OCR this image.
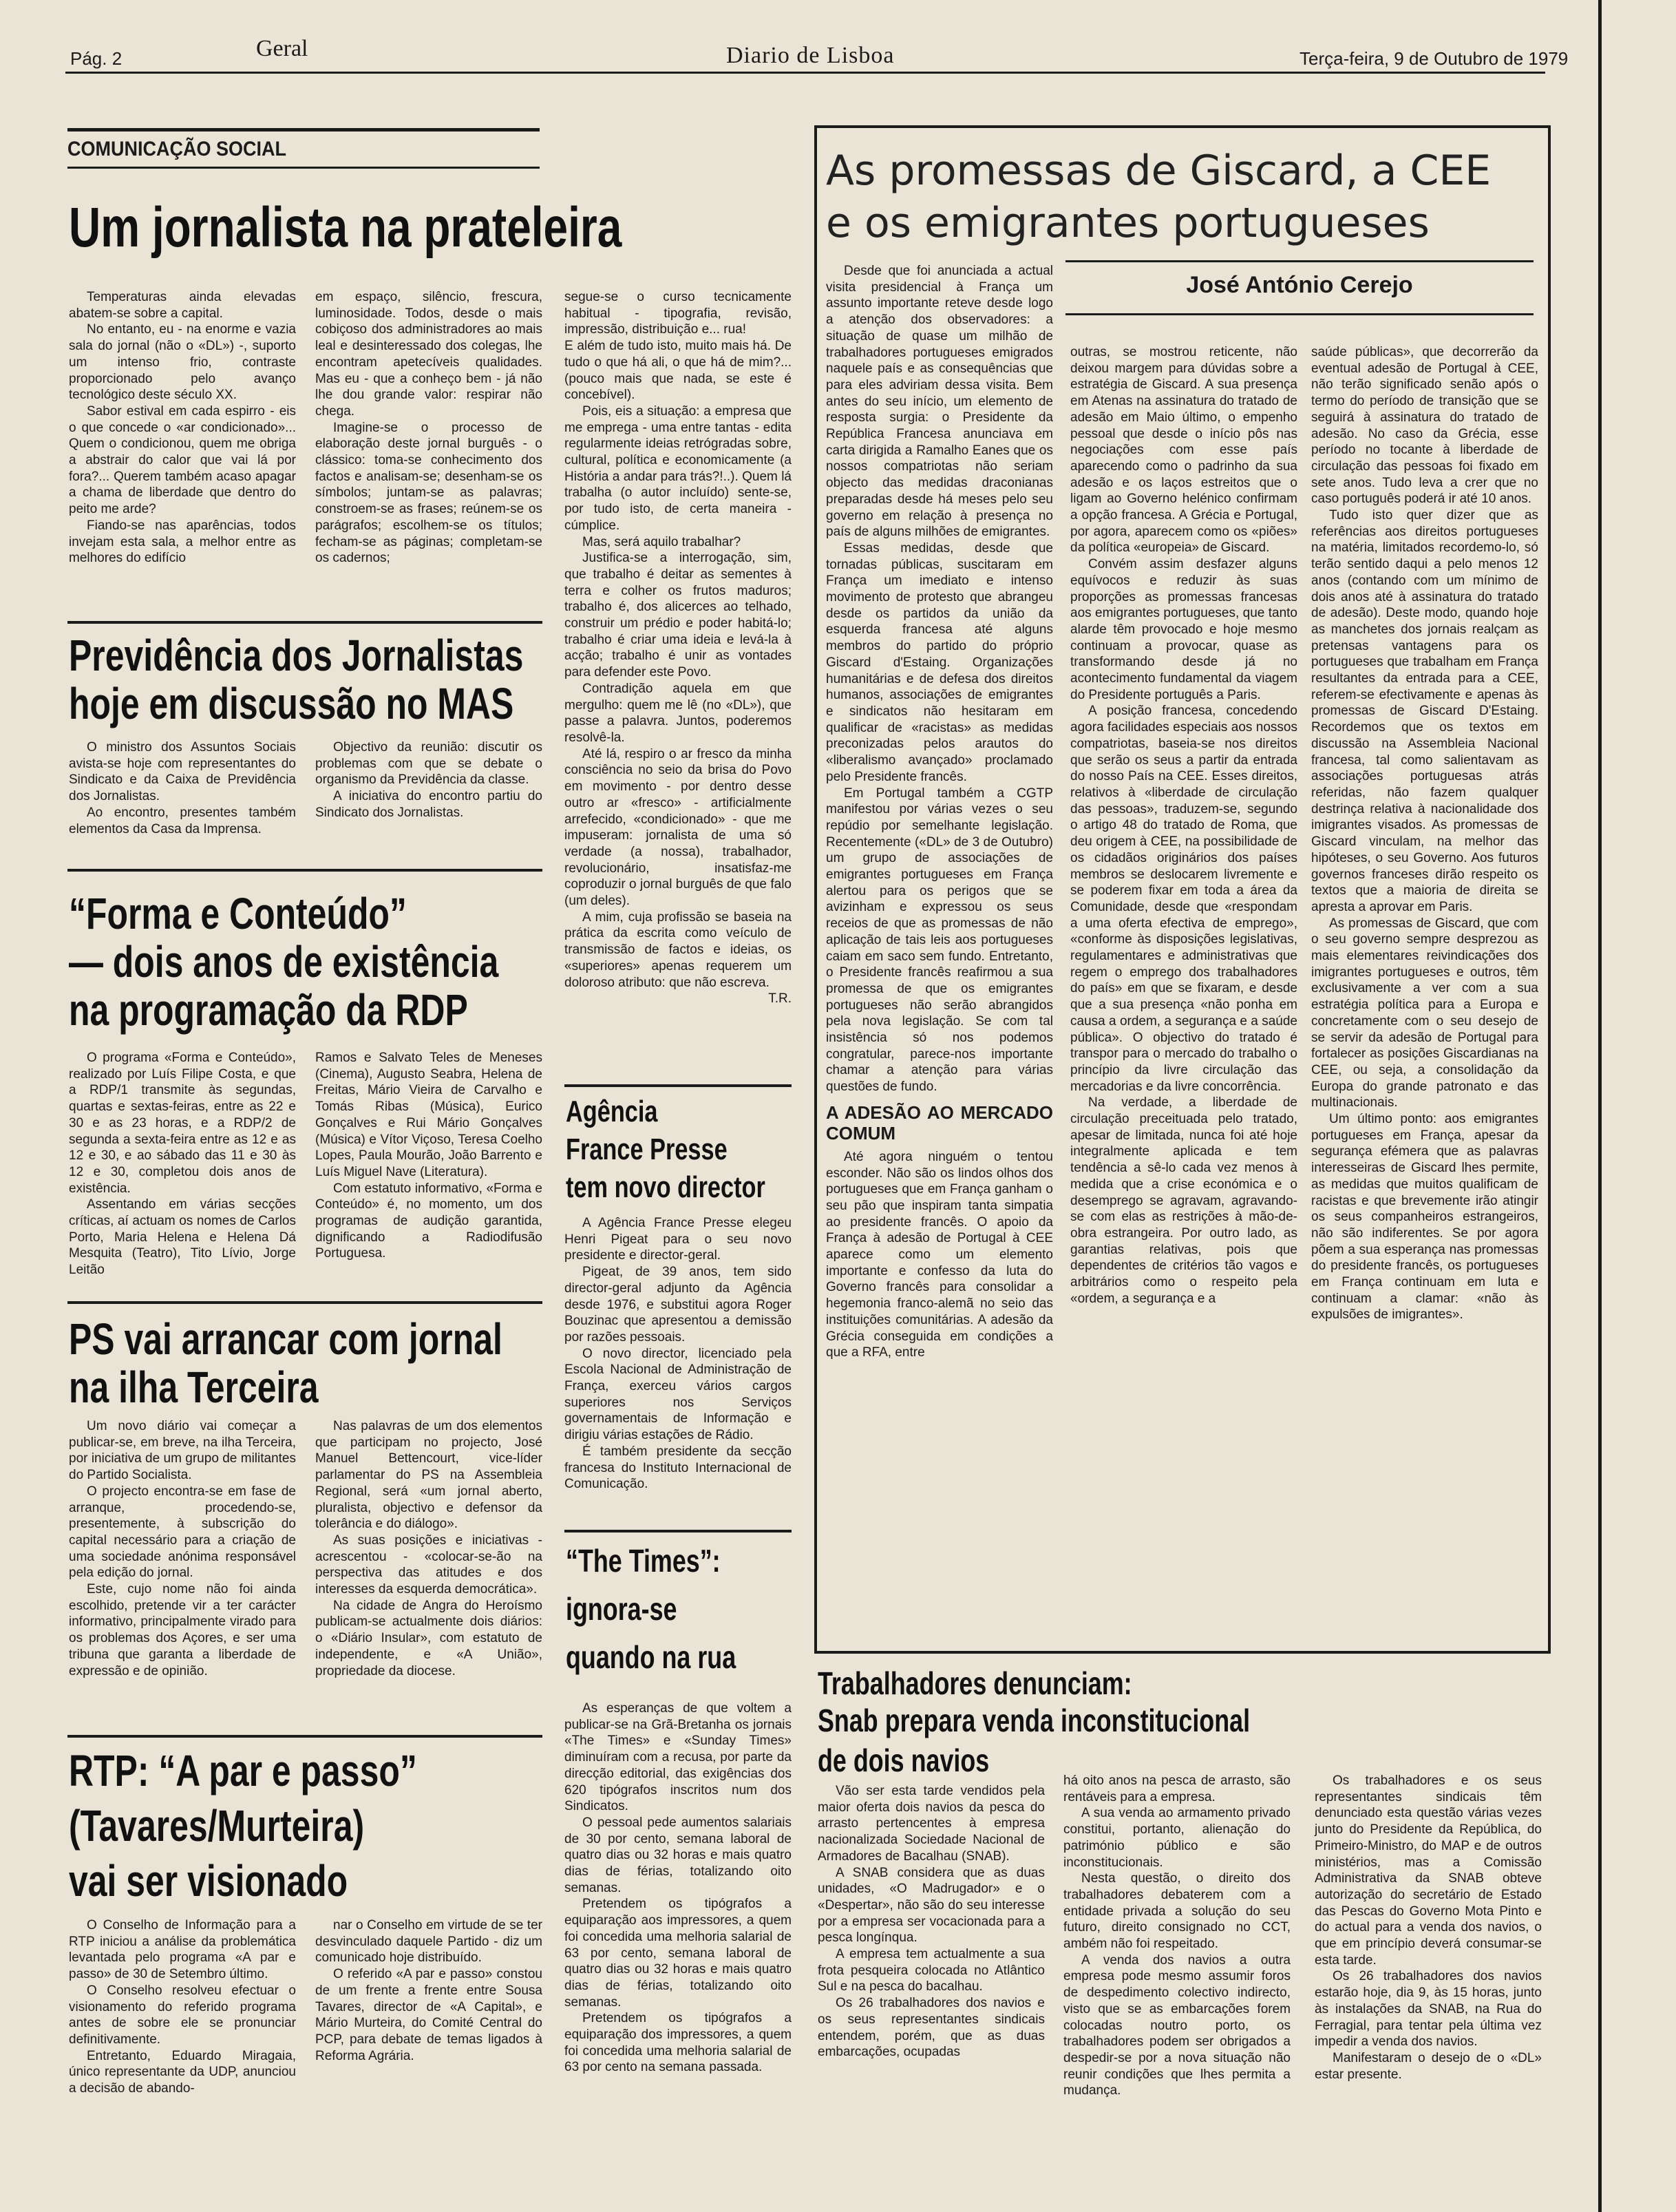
Pág. 2	Geral	Diario de Lisboa	Terça-feira, 9 de Outubro de 1979
COMUNICAÇÃO SOCIAL
Um jornalista na prateleira

Temperaturas ainda elevadas abatem-se sobre a capital.

No entanto, eu - na enorme e vazia sala do jornal (não o «DL») -, suporto um intenso frio, contraste proporcionado pelo avanço tecnológico deste século XX.

Sabor estival em cada espirro - eis o que concede o «ar condicionado»... Quem o condicionou, quem me obriga a abstrair do calor que vai lá por fora?... Querem também acaso apagar a chama de liberdade que dentro do peito me arde?

Fiando-se nas aparências, todos invejam esta sala, a melhor entre as melhores do edifício

em espaço, silêncio, frescura, luminosidade. Todos, desde o mais cobiçoso dos administradores ao mais leal e desinteressado dos colegas, lhe encontram apetecíveis qualidades. Mas eu - que a conheço bem - já não lhe dou grande valor: respirar não chega.

Imagine-se o processo de elaboração deste jornal burguês - o clássico: toma-se conhecimento dos factos e analisam-se; desenham-se os símbolos; juntam-se as palavras; constroem-se as frases; reúnem-se os parágrafos; escolhem-se os títulos; fecham-se as páginas; completam-se os cadernos;

segue-se o curso tecnicamente habitual - tipografia, revisão, impressão, distribuição e... rua!

E além de tudo isto, muito mais há. De tudo o que há ali, o que há de mim?... (pouco mais que nada, se este é concebível).

Pois, eis a situação: a empresa que me emprega - uma entre tantas - edita regularmente ideias retrógradas sobre, cultural, política e economicamente (a História a andar para trás?!..). Quem lá trabalha (o autor incluído) sente-se, por tudo isto, de certa maneira - cúmplice.

Mas, será aquilo trabalhar?

Justifica-se a interrogação, sim, que trabalho é deitar as sementes à terra e colher os frutos maduros; trabalho é, dos alicerces ao telhado, construir um prédio e poder habitá-lo; trabalho é criar uma ideia e levá-la à acção; trabalho é unir as vontades para defender este Povo.

Contradição aquela em que mergulho: quem me lê (no «DL»), que passe a palavra. Juntos, poderemos resolvê-la.

Até lá, respiro o ar fresco da minha consciência no seio da brisa do Povo em movimento - por dentro desse outro ar «fresco» - artificialmente arrefecido, «condicionado» - que me impuseram: jornalista de uma só verdade (a nossa), trabalhador, revolucionário, insatisfaz-me coproduzir o jornal burguês de que falo (um deles).

A mim, cuja profissão se baseia na prática da escrita como veículo de transmissão de factos e ideias, os «superiores» apenas requerem um doloroso atributo: que não escreva.

T.R.

Previdência dos Jornalistas
hoje em discussão no MAS

O ministro dos Assuntos Sociais avista-se hoje com representantes do Sindicato e da Caixa de Previdência dos Jornalistas.

Ao encontro, presentes também elementos da Casa da Imprensa.

Objectivo da reunião: discutir os problemas com que se debate o organismo da Previdência da classe.

A iniciativa do encontro partiu do Sindicato dos Jornalistas.

“Forma e Conteúdo”
— dois anos de existência
na programação da RDP

O programa «Forma e Conteúdo», realizado por Luís Filipe Costa, e que a RDP/1 transmite às segundas, quartas e sextas-feiras, entre as 22 e 30 e as 23 horas, e a RDP/2 de segunda a sexta-feira entre as 12 e as 12 e 30, e ao sábado das 11 e 30 às 12 e 30, completou dois anos de existência.

Assentando em várias secções críticas, aí actuam os nomes de Carlos Porto, Maria Helena e Helena Dá Mesquita (Teatro), Tito Lívio, Jorge Leitão

Ramos e Salvato Teles de Meneses (Cinema), Augusto Seabra, Helena de Freitas, Mário Vieira de Carvalho e Tomás Ribas (Música), Eurico Gonçalves e Rui Mário Gonçalves (Música) e Vítor Viçoso, Teresa Coelho Lopes, Paula Mourão, João Barrento e Luís Miguel Nave (Literatura).

Com estatuto informativo, «Forma e Conteúdo» é, no momento, um dos programas de audição garantida, dignificando a Radiodifusão Portuguesa.

PS vai arrancar com jornal
na ilha Terceira

Um novo diário vai começar a publicar-se, em breve, na ilha Terceira, por iniciativa de um grupo de militantes do Partido Socialista.

O projecto encontra-se em fase de arranque, procedendo-se, presentemente, à subscrição do capital necessário para a criação de uma sociedade anónima responsável pela edição do jornal.

Este, cujo nome não foi ainda escolhido, pretende vir a ter carácter informativo, principalmente virado para os problemas dos Açores, e ser uma tribuna que garanta a liberdade de expressão e de opinião.

Nas palavras de um dos elementos que participam no projecto, José Manuel Bettencourt, vice-líder parlamentar do PS na Assembleia Regional, será «um jornal aberto, pluralista, objectivo e defensor da tolerância e do diálogo».

As suas posições e iniciativas - acrescentou - «colocar-se-ão na perspectiva das atitudes e dos interesses da esquerda democrática».

Na cidade de Angra do Heroísmo publicam-se actualmente dois diários: o «Diário Insular», com estatuto de independente, e «A União», propriedade da diocese.

RTP: “A par e passo”
(Tavares/Murteira)
vai ser visionado

O Conselho de Informação para a RTP iniciou a análise da problemática levantada pelo programa «A par e passo» de 30 de Setembro último.

O Conselho resolveu efectuar o visionamento do referido programa antes de sobre ele se pronunciar definitivamente.

Entretanto, Eduardo Miragaia, único representante da UDP, anunciou a decisão de abando-

nar o Conselho em virtude de se ter desvinculado daquele Partido - diz um comunicado hoje distribuído.

O referido «A par e passo» constou de um frente a frente entre Sousa Tavares, director de «A Capital», e Mário Murteira, do Comité Central do PCP, para debate de temas ligados à Reforma Agrária.

Agência
France Presse
tem novo director

A Agência France Presse elegeu Henri Pigeat para o seu novo presidente e director-geral.

Pigeat, de 39 anos, tem sido director-geral adjunto da Agência desde 1976, e substitui agora Roger Bouzinac que apresentou a demissão por razões pessoais.

O novo director, licenciado pela Escola Nacional de Administração de França, exerceu vários cargos superiores nos Serviços governamentais de Informação e dirigiu várias estações de Rádio.

É também presidente da secção francesa do Instituto Internacional de Comunicação.

“The Times”:
ignora-se
quando na rua

As esperanças de que voltem a publicar-se na Grã-Bretanha os jornais «The Times» e «Sunday Times» diminuíram com a recusa, por parte da direcção editorial, das exigências dos 620 tipógrafos inscritos num dos Sindicatos.

O pessoal pede aumentos salariais de 30 por cento, semana laboral de quatro dias ou 32 horas e mais quatro dias de férias, totalizando oito semanas.

Pretendem os tipógrafos a equiparação aos impressores, a quem foi concedida uma melhoria salarial de 63 por cento, semana laboral de quatro dias ou 32 horas e mais quatro dias de férias, totalizando oito semanas.

Pretendem os tipógrafos a equiparação dos impressores, a quem foi concedida uma melhoria salarial de 63 por cento na semana passada.

As promessas de Giscard, a CEE
e os emigrantes portugueses
José António Cerejo

Desde que foi anunciada a actual visita presidencial à França um assunto importante reteve desde logo a atenção dos observadores: a situação de quase um milhão de trabalhadores portugueses emigrados naquele país e as consequências que para eles adviriam dessa visita. Bem antes do seu início, um elemento de resposta surgia: o Presidente da República Francesa anunciava em carta dirigida a Ramalho Eanes que os nossos compatriotas não seriam objecto das medidas draconianas preparadas desde há meses pelo seu governo em relação à presença no país de alguns milhões de emigrantes.

Essas medidas, desde que tornadas públicas, suscitaram em França um imediato e intenso movimento de protesto que abrangeu desde os partidos da união da esquerda francesa até alguns membros do partido do próprio Giscard d'Estaing. Organizações humanitárias e de defesa dos direitos humanos, associações de emigrantes e sindicatos não hesitaram em qualificar de «racistas» as medidas preconizadas pelos arautos do «liberalismo avançado» proclamado pelo Presidente francês.

Em Portugal também a CGTP manifestou por várias vezes o seu repúdio por semelhante legislação. Recentemente («DL» de 3 de Outubro) um grupo de associações de emigrantes portugueses em França alertou para os perigos que se avizinham e expressou os seus receios de que as promessas de não aplicação de tais leis aos portugueses caiam em saco sem fundo. Entretanto, o Presidente francês reafirmou a sua promessa de que os emigrantes portugueses não serão abrangidos pela nova legislação. Se com tal insistência só nos podemos congratular, parece-nos importante chamar a atenção para várias questões de fundo.

A ADESÃO AO MERCADO COMUM

Até agora ninguém o tentou esconder. Não são os lindos olhos dos portugueses que em França ganham o seu pão que inspiram tanta simpatia ao presidente francês. O apoio da França à adesão de Portugal à CEE aparece como um elemento importante e confesso da luta do Governo francês para consolidar a hegemonia franco-alemã no seio das instituições comunitárias. A adesão da Grécia conseguida em condições a que a RFA, entre

outras, se mostrou reticente, não deixou margem para dúvidas sobre a estratégia de Giscard. A sua presença em Atenas na assinatura do tratado de adesão em Maio último, o empenho pessoal que desde o início pôs nas negociações com esse país aparecendo como o padrinho da sua adesão e os laços estreitos que o ligam ao Governo helénico confirmam a opção francesa. A Grécia e Portugal, por agora, aparecem como os «piões» da política «europeia» de Giscard.

Convém assim desfazer alguns equívocos e reduzir às suas proporções as promessas francesas aos emigrantes portugueses, que tanto alarde têm provocado e hoje mesmo continuam a provocar, quase as transformando desde já no acontecimento fundamental da viagem do Presidente português a Paris.

A posição francesa, concedendo agora facilidades especiais aos nossos compatriotas, baseia-se nos direitos que serão os seus a partir da entrada do nosso País na CEE. Esses direitos, relativos à «liberdade de circulação das pessoas», traduzem-se, segundo o artigo 48 do tratado de Roma, que deu origem à CEE, na possibilidade de os cidadãos originários dos países membros se deslocarem livremente e se poderem fixar em toda a área da Comunidade, desde que «respondam a uma oferta efectiva de emprego», «conforme às disposições legislativas, regulamentares e administrativas que regem o emprego dos trabalhadores do país» em que se fixaram, e desde que a sua presença «não ponha em causa a ordem, a segurança e a saúde pública». O objectivo do tratado é transpor para o mercado do trabalho o princípio da livre circulação das mercadorias e da livre concorrência.

Na verdade, a liberdade de circulação preceituada pelo tratado, apesar de limitada, nunca foi até hoje integralmente aplicada e tem tendência a sê-lo cada vez menos à medida que a crise económica e o desemprego se agravam, agravando-se com elas as restrições à mão-de-obra estrangeira. Por outro lado, as garantias relativas, pois que dependentes de critérios tão vagos e arbitrários como o respeito pela «ordem, a segurança e a

saúde públicas», que decorrerão da eventual adesão de Portugal à CEE, não terão significado senão após o termo do período de transição que se seguirá à assinatura do tratado de adesão. No caso da Grécia, esse período no tocante à liberdade de circulação das pessoas foi fixado em sete anos. Tudo leva a crer que no caso português poderá ir até 10 anos.

Tudo isto quer dizer que as referências aos direitos portugueses na matéria, limitados recordemo-lo, só terão sentido daqui a pelo menos 12 anos (contando com um mínimo de dois anos até à assinatura do tratado de adesão). Deste modo, quando hoje as manchetes dos jornais realçam as pretensas vantagens para os portugueses que trabalham em França resultantes da entrada para a CEE, referem-se efectivamente e apenas às promessas de Giscard D'Estaing. Recordemos que os textos em discussão na Assembleia Nacional francesa, tal como salientavam as associações portuguesas atrás referidas, não fazem qualquer destrinça relativa à nacionalidade dos imigrantes visados. As promessas de Giscard vinculam, na melhor das hipóteses, o seu Governo. Aos futuros governos franceses dirão respeito os textos que a maioria de direita se apresta a aprovar em Paris.

As promessas de Giscard, que com o seu governo sempre desprezou as mais elementares reivindicações dos imigrantes portugueses e outros, têm exclusivamente a ver com a sua estratégia política para a Europa e concretamente com o seu desejo de se servir da adesão de Portugal para fortalecer as posições Giscardianas na CEE, ou seja, a consolidação da Europa do grande patronato e das multinacionais.

Um último ponto: aos emigrantes portugueses em França, apesar da segurança efémera que as palavras interesseiras de Giscard lhes permite, as medidas que muitos qualificam de racistas e que brevemente irão atingir os seus companheiros estrangeiros, não são indiferentes. Se por agora põem a sua esperança nas promessas do presidente francês, os portugueses em França continuam em luta e continuam a clamar: «não às expulsões de imigrantes».

Trabalhadores denunciam:
Snab prepara venda inconstitucional
de dois navios

Vão ser esta tarde vendidos pela maior oferta dois navios da pesca do arrasto pertencentes à empresa nacionalizada Sociedade Nacional de Armadores de Bacalhau (SNAB).

A SNAB considera que as duas unidades, «O Madrugador» e o «Despertar», não são do seu interesse por a empresa ser vocacionada para a pesca longínqua.

A empresa tem actualmente a sua frota pesqueira colocada no Atlântico Sul e na pesca do bacalhau.

Os 26 trabalhadores dos navios e os seus representantes sindicais entendem, porém, que as duas embarcações, ocupadas

há oito anos na pesca de arrasto, são rentáveis para a empresa.

A sua venda ao armamento privado constitui, portanto, alienação do património público e são inconstitucionais.

Nesta questão, o direito dos trabalhadores debaterem com a entidade privada a solução do seu futuro, direito consignado no CCT, ambém não foi respeitado.

A venda dos navios a outra empresa pode mesmo assumir foros de despedimento colectivo indirecto, visto que se as embarcações forem colocadas noutro porto, os trabalhadores podem ser obrigados a despedir-se por a nova situação não reunir condições que lhes permita a mudança.

Os trabalhadores e os seus representantes sindicais têm denunciado esta questão várias vezes junto do Presidente da República, do Primeiro-Ministro, do MAP e de outros ministérios, mas a Comissão Administrativa da SNAB obteve autorização do secretário de Estado das Pescas do Governo Mota Pinto e do actual para a venda dos navios, o que em princípio deverá consumar-se esta tarde.

Os 26 trabalhadores dos navios estarão hoje, dia 9, às 15 horas, junto às instalações da SNAB, na Rua do Ferragial, para tentar pela última vez impedir a venda dos navios.

Manifestaram o desejo de o «DL» estar presente.
